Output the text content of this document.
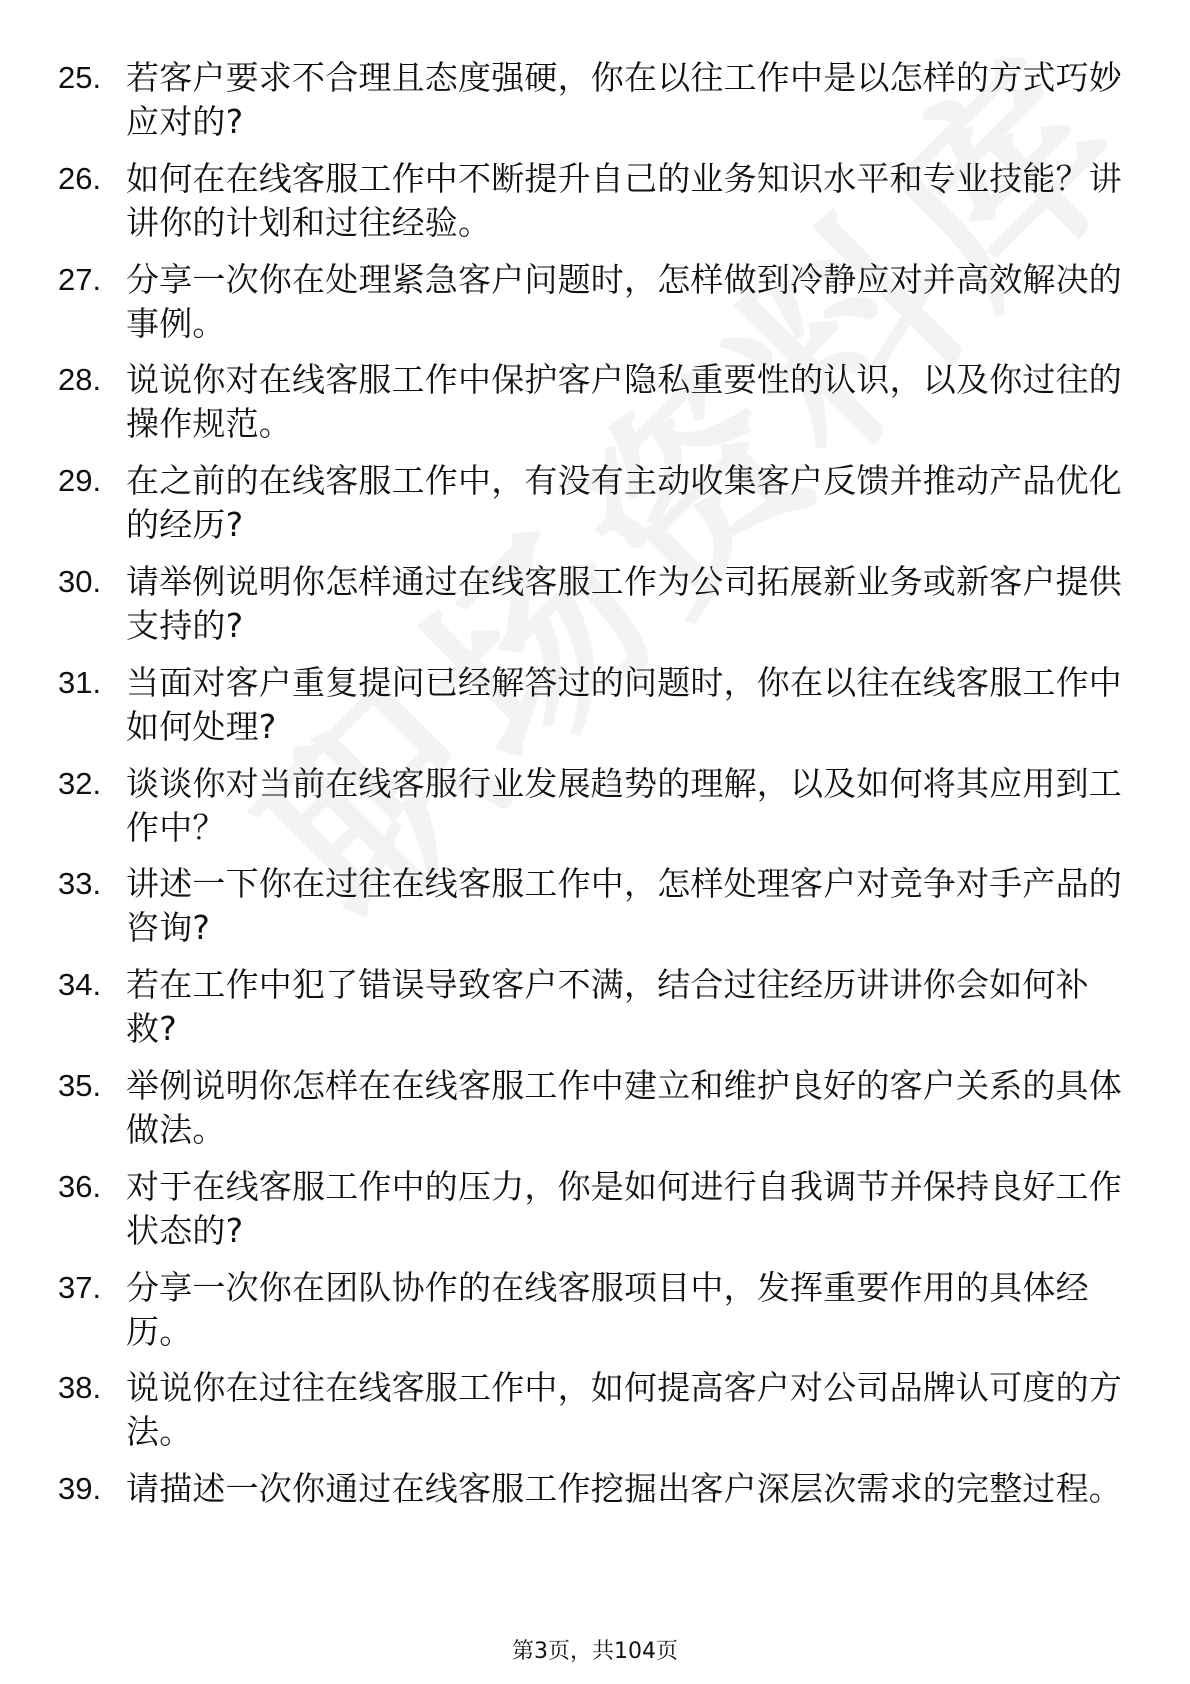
25. 若客户要求不合理且态度强硬，你在以往工作中是以怎样的方式巧妙应对的?
26. 如何在在线客服工作中不断提升自己的业务知识水平和专业技能？讲讲你的计划和过往经验。
27. 分享一次你在处理紧急客户问题时，怎样做到冷静应对并高效解决的事例。
28. 说说你对在线客服工作中保护客户隐私重要性的认识，以及你过往的操作规范。
29. 在之前的在线客服工作中，有没有主动收集客户反馈并推动产品优化的经历?
30. 请举例说明你怎样通过在线客服工作为公司拓展新业务或新客户提供支持的?
31. 当面对客户重复提问已经解答过的问题时，你在以往在线客服工作中如何处理?
32. 谈谈你对当前在线客服行业发展趋势的理解，以及如何将其应用到工作中？
33. 讲述一下你在过往在线客服工作中，怎样处理客户对竞争对手产品的咨询?
34. 若在工作中犯了错误导致客户不满，结合过往经历讲讲你会如何补救?
35. 举例说明你怎样在在线客服工作中建立和维护良好的客户关系的具体做法。
36. 对于在线客服工作中的压力，你是如何进行自我调节并保持良好工作状态的?
37. 分享一次你在团队协作的在线客服项目中，发挥重要作用的具体经历。
38. 说说你在过往在线客服工作中，如何提高客户对公司品牌认可度的方法。
39. 请描述一次你通过在线客服工作挖掘出客户深层次需求的完整过程。
第3页，共104页
